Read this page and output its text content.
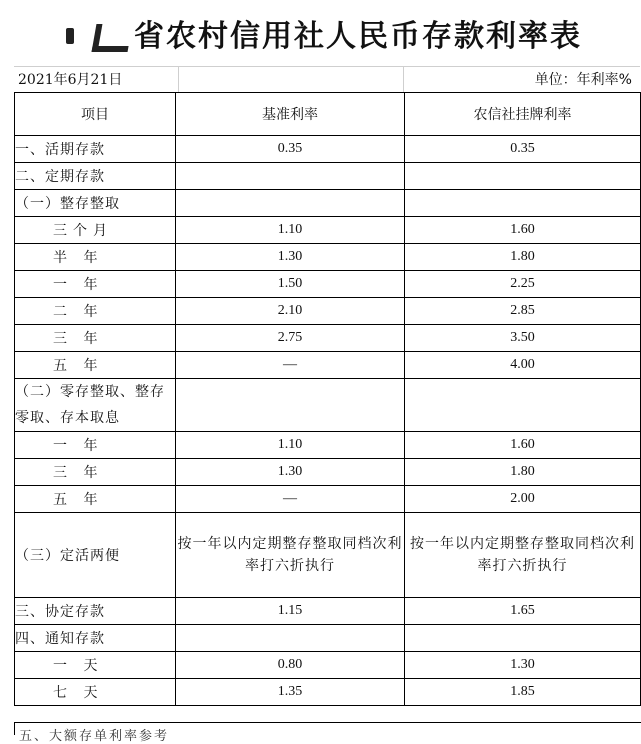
省农村信用社人民币存款利率表
2021年6月21日	单位：年利率%
项目	基准利率	农信社挂牌利率
一、活期存款	0.35	0.35
二、定期存款		
（一）整存整取		
三个月	1.10	1.60
半 年	1.30	1.80
一 年	1.50	2.25
二 年	2.10	2.85
三 年	2.75	3.50
五 年	—	4.00
（二）零存整取、整存零取、存本取息		
一 年	1.10	1.60
三 年	1.30	1.80
五 年	—	2.00
（三）定活两便	按一年以内定期整存整取同档次利率打六折执行	按一年以内定期整存整取同档次利率打六折执行
三、协定存款	1.15	1.65
四、通知存款		
一 天	0.80	1.30
七 天	1.35	1.85
五、大额存单利率参考
